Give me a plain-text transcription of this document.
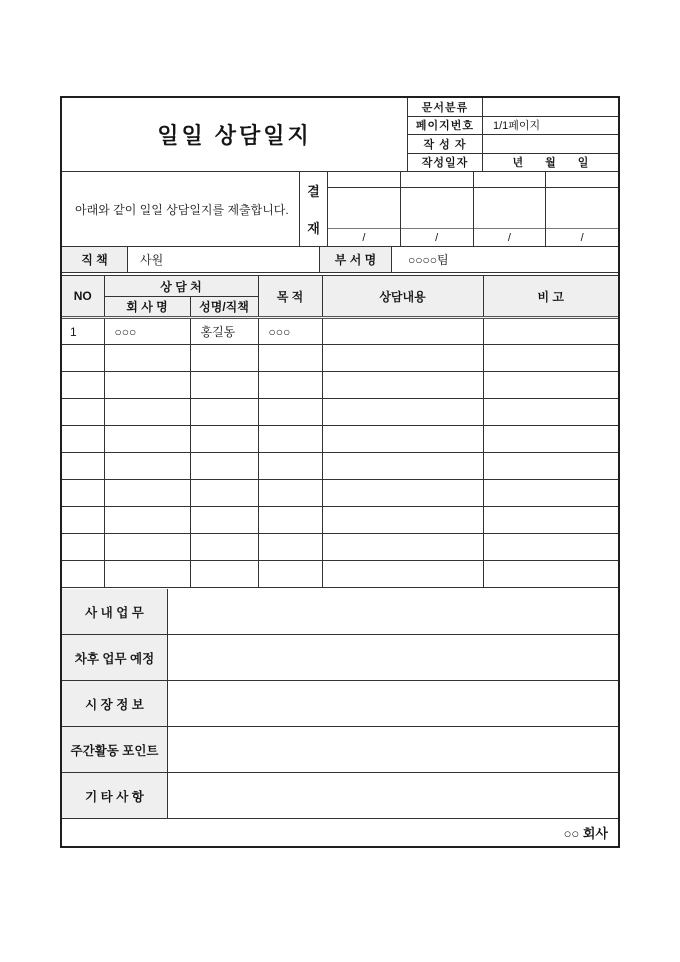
일일 상담일지
문서분류
페이지번호	1/1페이지
작 성 자
작성일자	년　　월　　일
아래와 같이 일일 상담일지를 제출합니다.
결
재
/	/	/	/
직 책	사원	부 서 명	○○○○팀
NO	상 담 처		목 적	상담내용	비 고
	회 사 명	성명/직책			
1	○○○	홍길동	○○○		

사 내 업 무
차후 업무 예정
시 장 정 보
주간활동 포인트
기 타 사 항
○○ 회사
